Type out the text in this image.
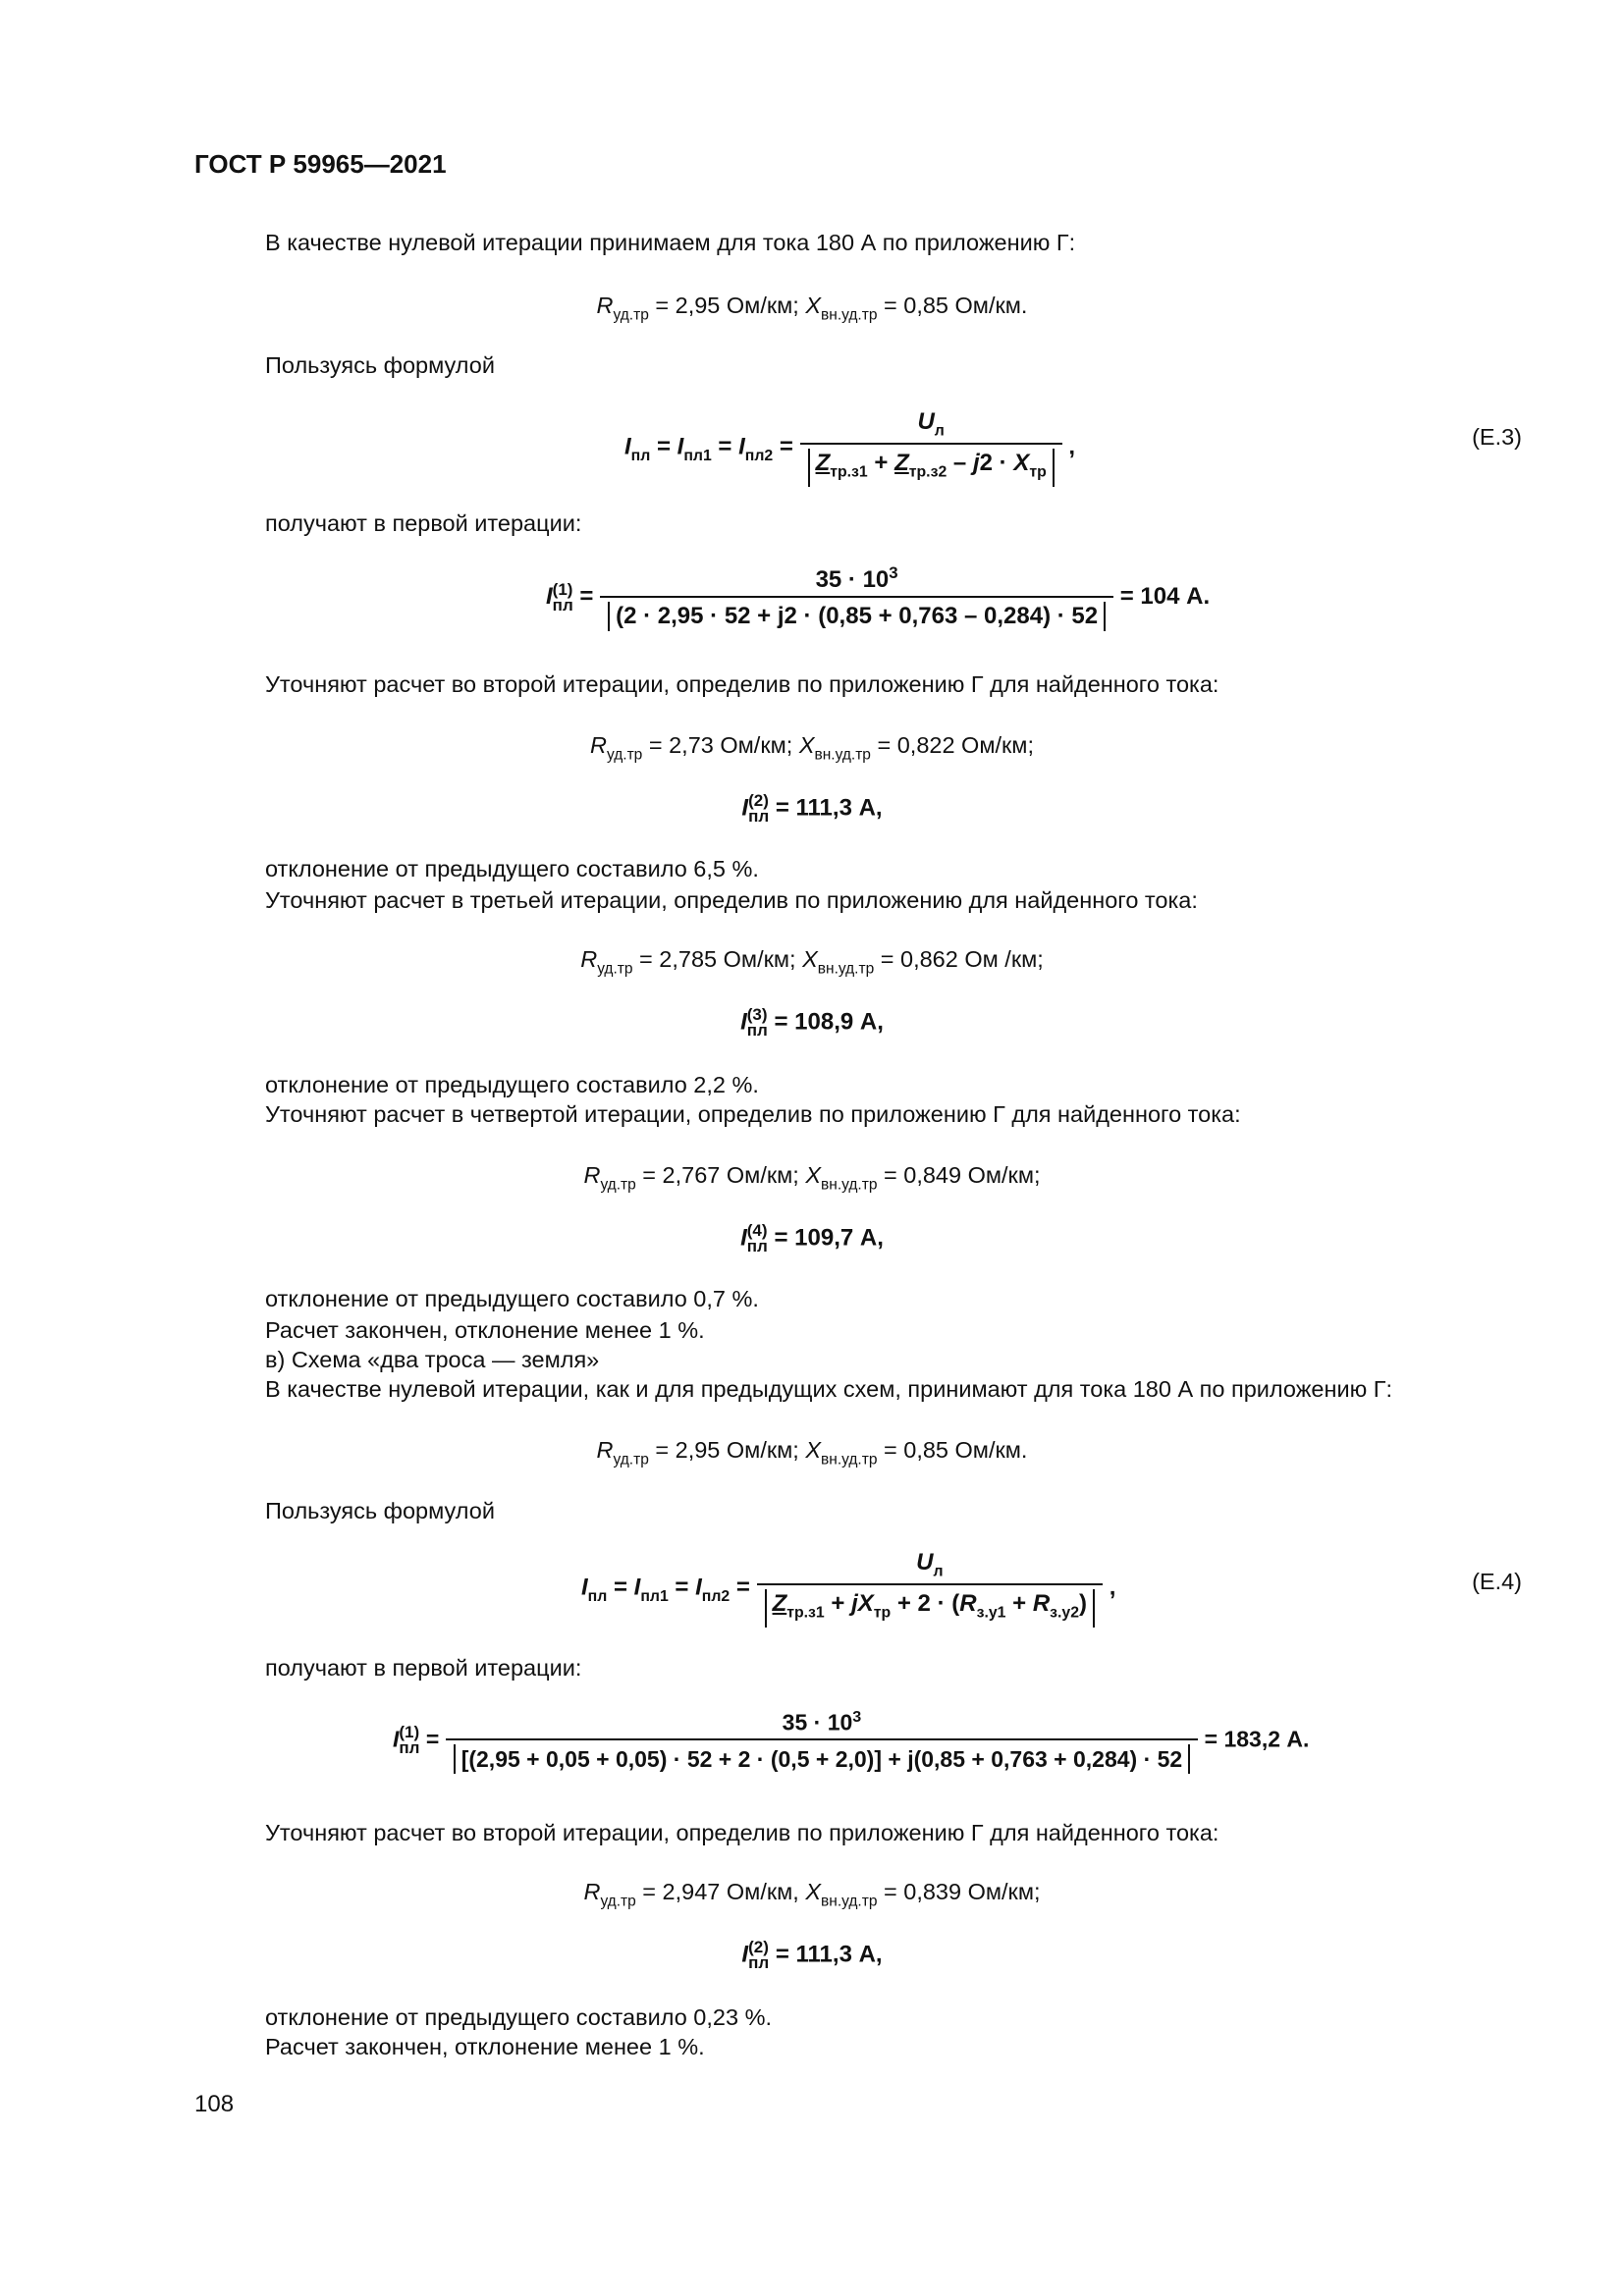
ГОСТ Р 59965—2021
В качестве нулевой итерации принимаем для тока 180 А по приложению Г:
$R_{уд.тр} = 2,95$ Ом/км; $X_{вн.уд.тр} = 0,85$ Ом/км.
Пользуясь формулой
$I_{пл} = I_{пл1} = I_{пл2} = \frac{U_л}{Z_{тр.з1} + Z_{тр.з2} - j2 \cdot X_{тр}}$ ,	(Е.3)
получают в первой итерации:
I (1)
пл = $\frac{35 \cdot 10^3}{(2 \cdot 2,95 \cdot 52 + j2 \cdot (0,85 + 0,763 - 0,284) \cdot 52} = 104$ А.
Уточняют расчет во второй итерации, определив по приложению Г для найденного тока:
$R_{уд.тр} = 2,73$ Ом/км; $X_{вн.уд.тр} = 0,822$ Ом/км;
I (2)
пл = 111,3 А,
отклонение от предыдущего составило 6,5 %.
Уточняют расчет в третьей итерации, определив по приложению для найденного тока:
$R_{уд.тр} = 2,785$ Ом/км; $X_{вн.уд.тр} = 0,862$ Ом /км;
I (3)
пл = 108,9 А,
отклонение от предыдущего составило 2,2 %.
Уточняют расчет в четвертой итерации, определив по приложению Г для найденного тока:
$R_{уд.тр} = 2,767$ Ом/км; $X_{вн.уд.тр} = 0,849$ Ом/км;
I (4)
пл = 109,7 А,
отклонение от предыдущего составило 0,7 %.
Расчет закончен, отклонение менее 1 %.
в) Схема «два троса — земля»
В качестве нулевой итерации, как и для предыдущих схем, принимают для тока 180 А по приложению Г:
$R_{уд.тр} = 2,95$ Ом/км; $X_{вн.уд.тр} = 0,85$ Ом/км.
Пользуясь формулой
$I_{пл} = I_{пл1} = I_{пл2} = \frac{U_л}{Z_{тр.з1} + jX_{тр} + 2 \cdot (R_{з.у1} + R_{з.у2})}$ ,	(Е.4)
получают в первой итерации:
I (1)
пл =
$35 \cdot 10^3$
[(2,95 + 0,05 + 0,05) · 52 + 2 · (0,5 + 2,0)] + j(0,85 + 0,763 + 0,284) · 52
= 183,2 А.
Уточняют расчет во второй итерации, определив по приложению Г для найденного тока:
$R_{уд.тр} = 2,947$ Ом/км, $X_{вн.уд.тр} = 0,839$ Ом/км;
I (2)
пл = 111,3 А,
отклонение от предыдущего составило 0,23 %.
Расчет закончен, отклонение менее 1 %.
108
